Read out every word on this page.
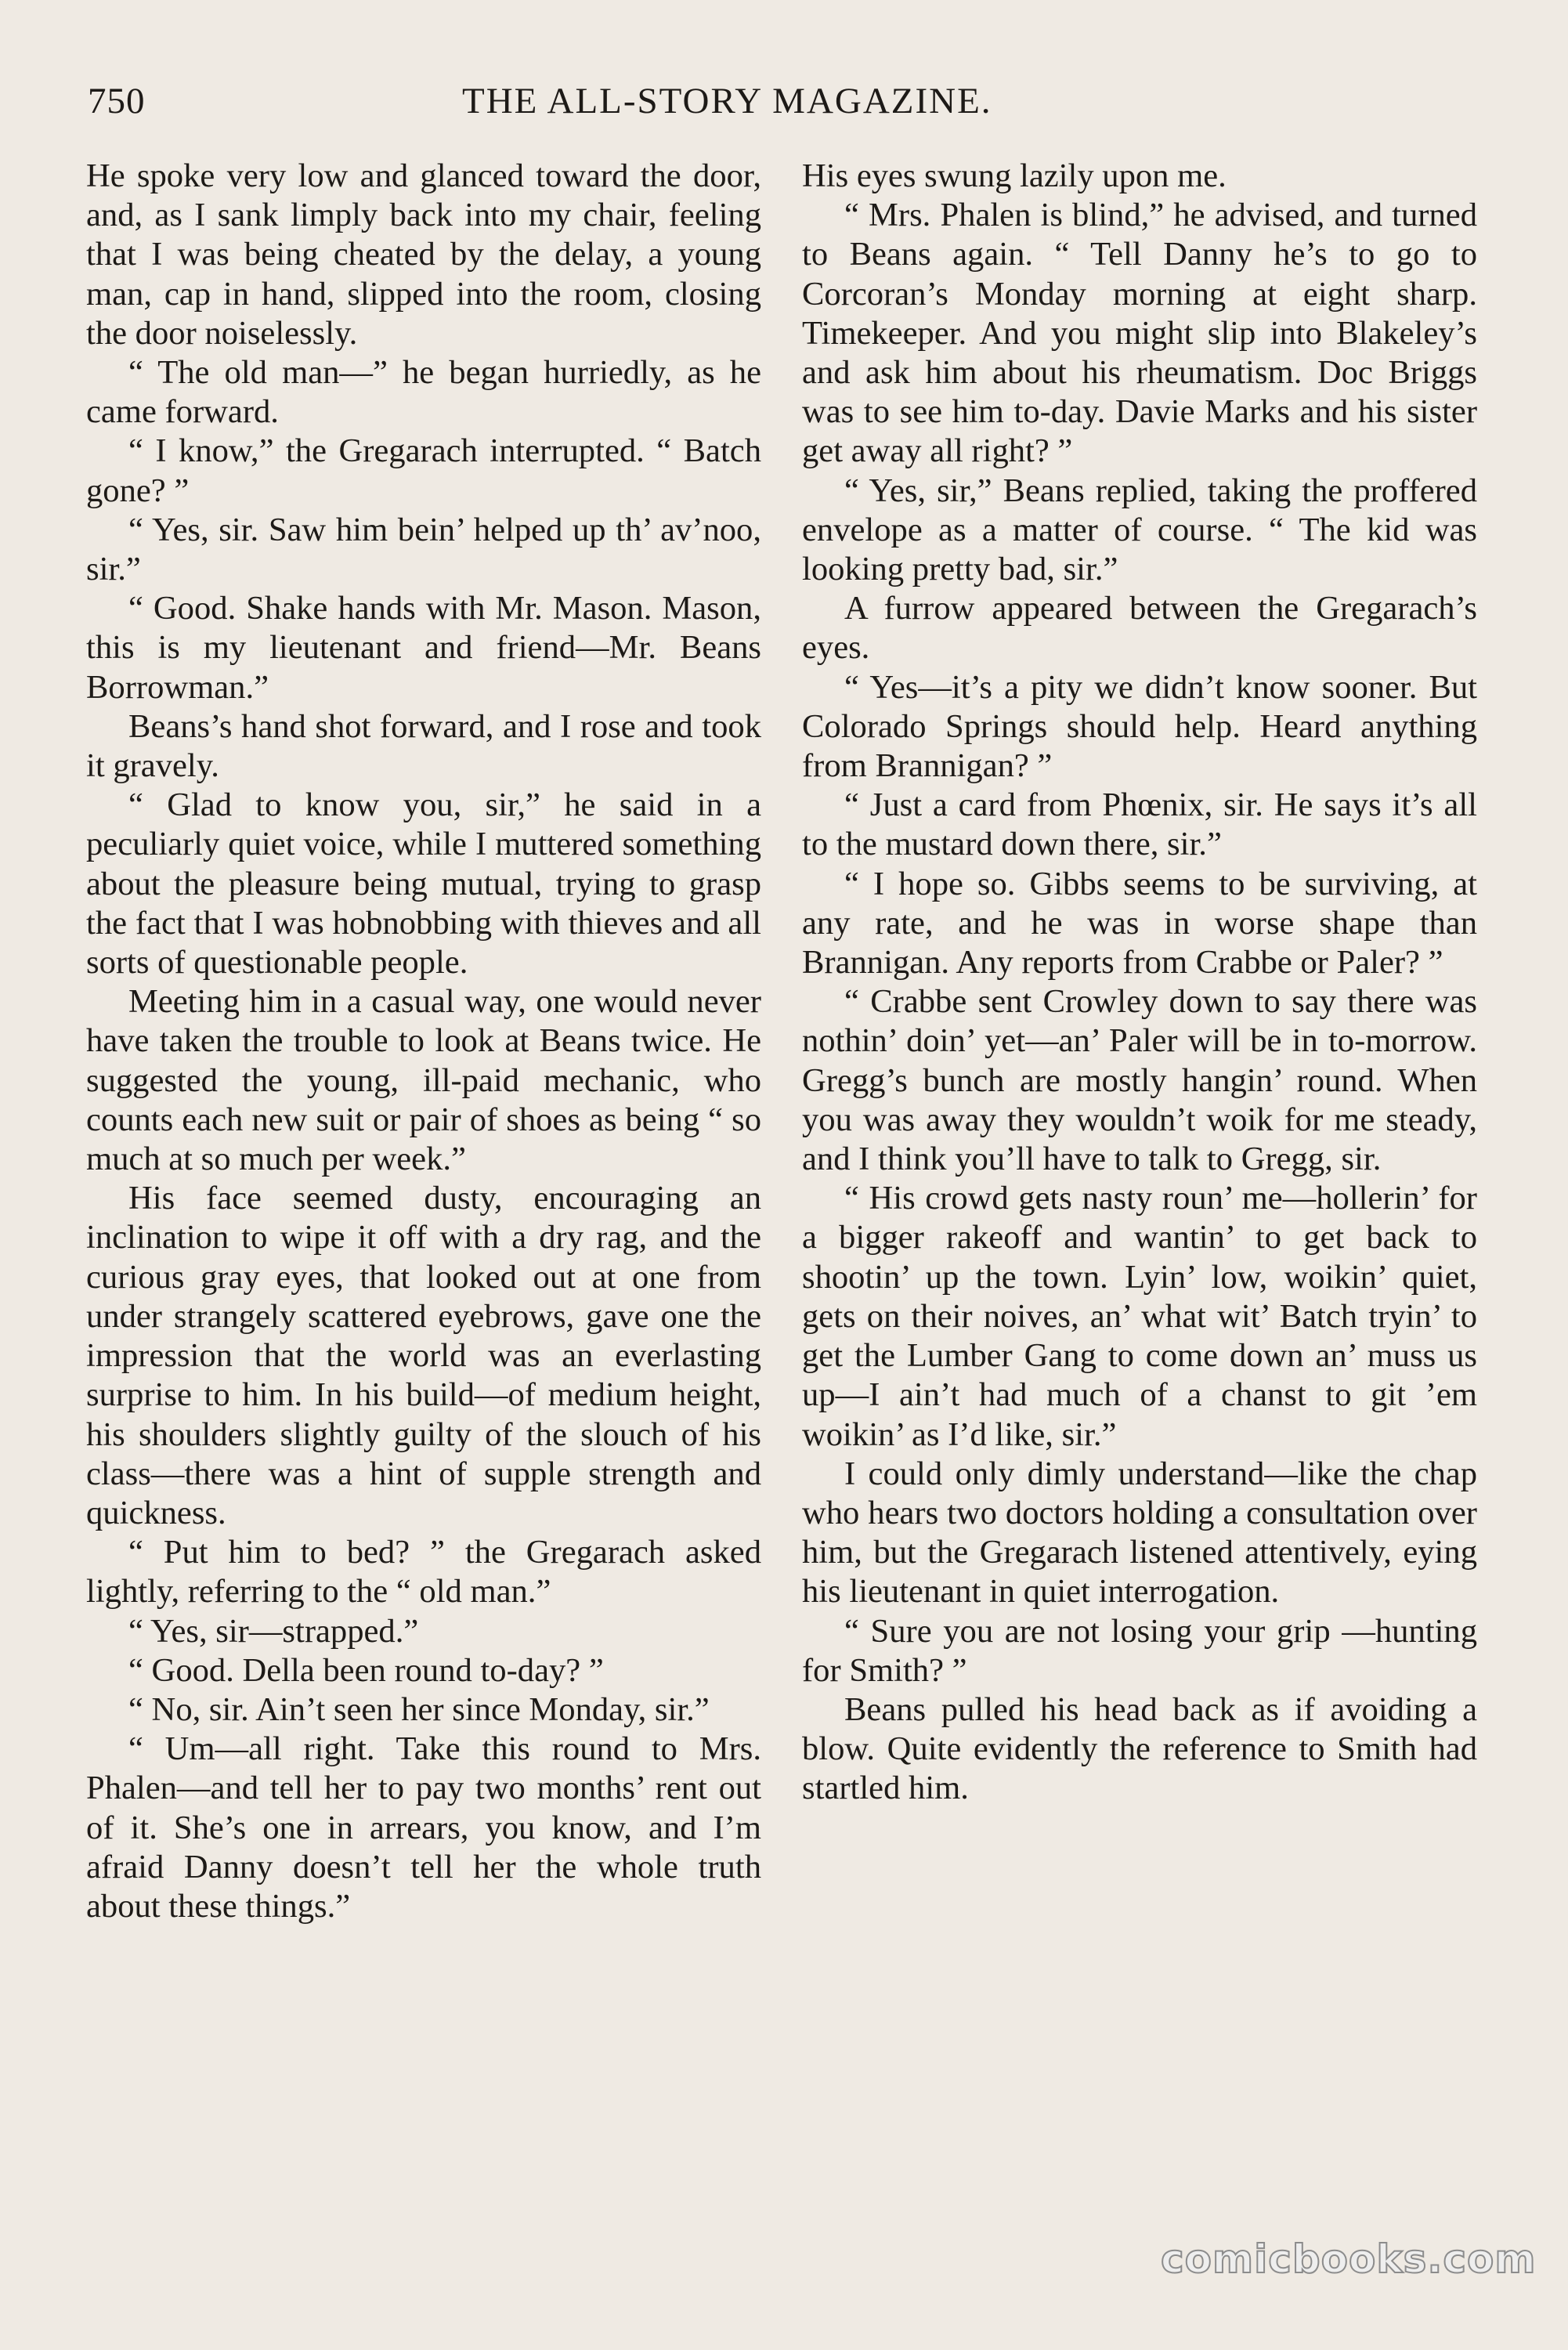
750	THE ALL-STORY MAGAZINE.

He spoke very low and glanced toward the door, and, as I sank limply back into my chair, feeling that I was being cheated by the delay, a young man, cap in hand, slipped into the room, closing the door noiselessly.

“ The old man—” he began hurriedly, as he came forward.

“ I know,” the Gregarach interrupted. “ Batch gone? ”

“ Yes, sir. Saw him bein’ helped up th’ av’noo, sir.”

“ Good. Shake hands with Mr. Mason. Mason, this is my lieutenant and friend—Mr. Beans Borrowman.”

Beans’s hand shot forward, and I rose and took it gravely.

“ Glad to know you, sir,” he said in a peculiarly quiet voice, while I muttered something about the pleasure being mutual, trying to grasp the fact that I was hobnobbing with thieves and all sorts of questionable people.

Meeting him in a casual way, one would never have taken the trouble to look at Beans twice. He suggested the young, ill-paid mechanic, who counts each new suit or pair of shoes as being “ so much at so much per week.”

His face seemed dusty, encouraging an inclination to wipe it off with a dry rag, and the curious gray eyes, that looked out at one from under strangely scattered eyebrows, gave one the impression that the world was an everlasting surprise to him. In his build—of medium height, his shoulders slightly guilty of the slouch of his class—there was a hint of supple strength and quickness.

“ Put him to bed? ” the Gregarach asked lightly, referring to the “ old man.”

“ Yes, sir—strapped.”

“ Good. Della been round to-day? ”

“ No, sir. Ain’t seen her since Monday, sir.”

“ Um—all right. Take this round to Mrs. Phalen—and tell her to pay two months’ rent out of it. She’s one in arrears, you know, and I’m afraid Danny doesn’t tell her the whole truth about these things.”

His eyes swung lazily upon me.

“ Mrs. Phalen is blind,” he advised, and turned to Beans again. “ Tell Danny he’s to go to Corcoran’s Monday morning at eight sharp. Timekeeper. And you might slip into Blakeley’s and ask him about his rheumatism. Doc Briggs was to see him to-day. Davie Marks and his sister get away all right? ”

“ Yes, sir,” Beans replied, taking the proffered envelope as a matter of course. “ The kid was looking pretty bad, sir.”

A furrow appeared between the Gregarach’s eyes.

“ Yes—it’s a pity we didn’t know sooner. But Colorado Springs should help. Heard anything from Brannigan? ”

“ Just a card from Phœnix, sir. He says it’s all to the mustard down there, sir.”

“ I hope so. Gibbs seems to be surviving, at any rate, and he was in worse shape than Brannigan. Any reports from Crabbe or Paler? ”

“ Crabbe sent Crowley down to say there was nothin’ doin’ yet—an’ Paler will be in to-morrow. Gregg’s bunch are mostly hangin’ round. When you was away they wouldn’t woik for me steady, and I think you’ll have to talk to Gregg, sir.

“ His crowd gets nasty roun’ me—hollerin’ for a bigger rakeoff and wantin’ to get back to shootin’ up the town. Lyin’ low, woikin’ quiet, gets on their noives, an’ what wit’ Batch tryin’ to get the Lumber Gang to come down an’ muss us up—I ain’t had much of a chanst to git ’em woikin’ as I’d like, sir.”

I could only dimly understand—like the chap who hears two doctors holding a consultation over him, but the Gregarach listened attentively, eying his lieutenant in quiet interrogation.

“ Sure you are not losing your grip —hunting for Smith? ”

Beans pulled his head back as if avoiding a blow. Quite evidently the reference to Smith had startled him.

comicbooks.com
